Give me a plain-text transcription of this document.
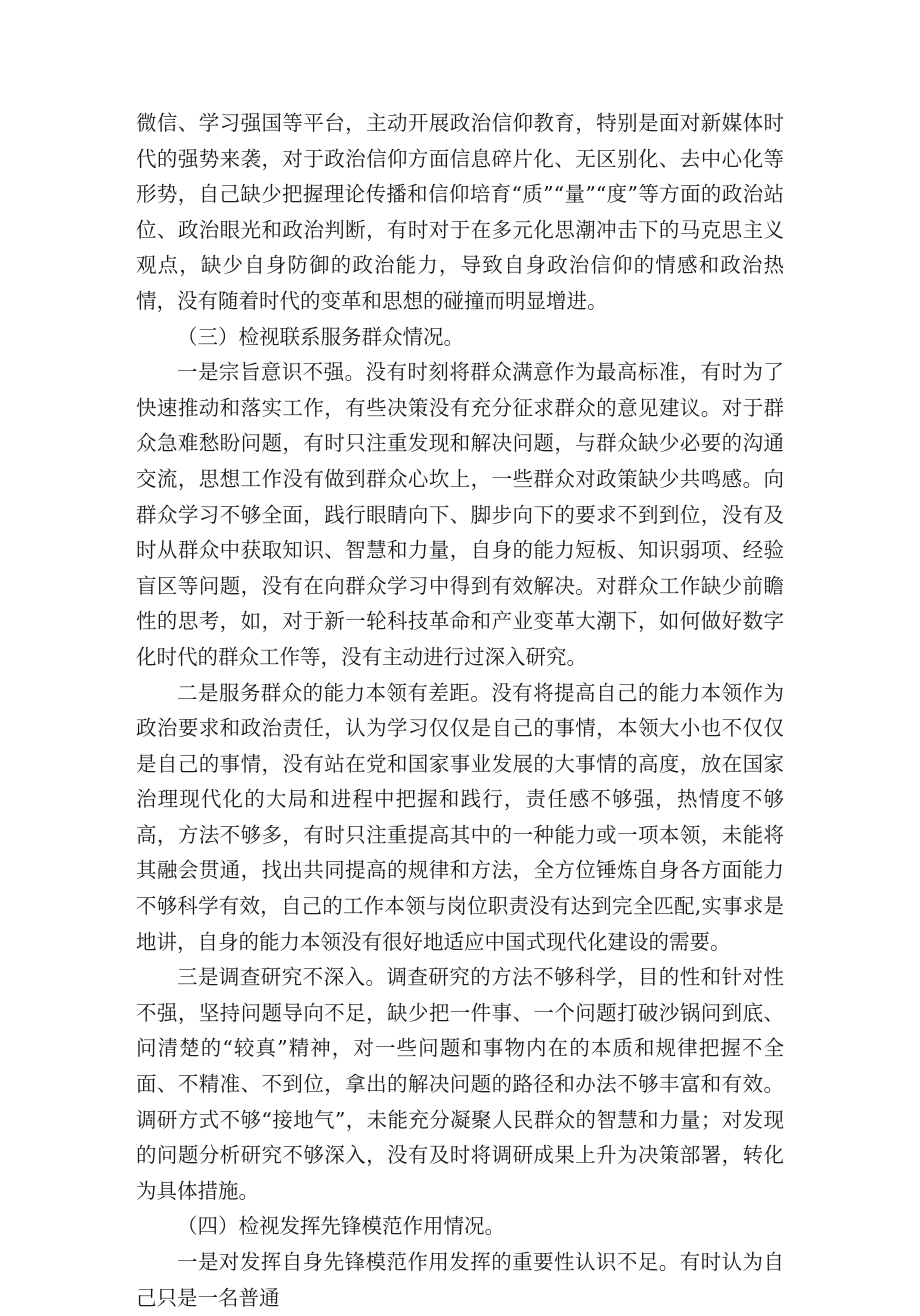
微信、学习强国等平台，主动开展政治信仰教育，特别是面对新媒体时代的强势来袭，对于政治信仰方面信息碎片化、无区别化、去中心化等形势，自己缺少把握理论传播和信仰培育“质”“量”“度”等方面的政治站位、政治眼光和政治判断，有时对于在多元化思潮冲击下的马克思主义观点，缺少自身防御的政治能力，导致自身政治信仰的情感和政治热情，没有随着时代的变革和思想的碰撞而明显增进。

（三）检视联系服务群众情况。

一是宗旨意识不强。没有时刻将群众满意作为最高标准，有时为了快速推动和落实工作，有些决策没有充分征求群众的意见建议。对于群众急难愁盼问题，有时只注重发现和解决问题，与群众缺少必要的沟通交流，思想工作没有做到群众心坎上，一些群众对政策缺少共鸣感。向群众学习不够全面，践行眼睛向下、脚步向下的要求不到到位，没有及时从群众中获取知识、智慧和力量，自身的能力短板、知识弱项、经验盲区等问题，没有在向群众学习中得到有效解决。对群众工作缺少前瞻性的思考，如，对于新一轮科技革命和产业变革大潮下，如何做好数字化时代的群众工作等，没有主动进行过深入研究。

二是服务群众的能力本领有差距。没有将提高自己的能力本领作为政治要求和政治责任，认为学习仅仅是自己的事情，本领大小也不仅仅是自己的事情，没有站在党和国家事业发展的大事情的高度，放在国家治理现代化的大局和进程中把握和践行，责任感不够强，热情度不够高，方法不够多，有时只注重提高其中的一种能力或一项本领，未能将其融会贯通，找出共同提高的规律和方法，全方位锤炼自身各方面能力不够科学有效，自己的工作本领与岗位职责没有达到完全匹配,实事求是地讲，自身的能力本领没有很好地适应中国式现代化建设的需要。

三是调查研究不深入。调查研究的方法不够科学，目的性和针对性不强，坚持问题导向不足，缺少把一件事、一个问题打破沙锅问到底、问清楚的“较真”精神，对一些问题和事物内在的本质和规律把握不全面、不精准、不到位，拿出的解决问题的路径和办法不够丰富和有效。调研方式不够“接地气”，未能充分凝聚人民群众的智慧和力量；对发现的问题分析研究不够深入，没有及时将调研成果上升为决策部署，转化为具体措施。

（四）检视发挥先锋模范作用情况。

一是对发挥自身先锋模范作用发挥的重要性认识不足。有时认为自己只是一名普通
